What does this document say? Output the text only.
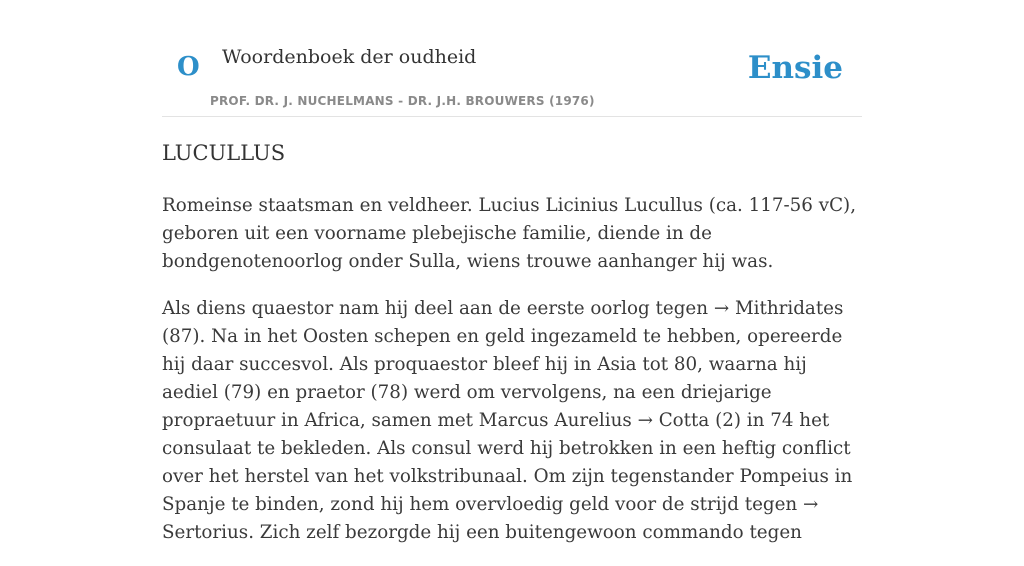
O Woordenboek der oudheid
PROF. DR. J. NUCHELMANS - DR. J.H. BROUWERS (1976)
Ensie
LUCULLUS

Romeinse staatsman en veldheer. Lucius Licinius Lucullus (ca. 117-56 vC), geboren uit een voorname plebejische familie, diende in de bondgenotenoorlog onder Sulla, wiens trouwe aanhanger hij was.

Als diens quaestor nam hij deel aan de eerste oorlog tegen → Mithridates (87). Na in het Oosten schepen en geld ingezameld te hebben, opereerde hij daar succesvol. Als proquaestor bleef hij in Asia tot 80, waarna hij aediel (79) en praetor (78) werd om vervolgens, na een driejarige propraetuur in Africa, samen met Marcus Aurelius → Cotta (2) in 74 het consulaat te bekleden. Als consul werd hij betrokken in een heftig conflict over het herstel van het volkstribunaal. Om zijn tegenstander Pompeius in Spanje te binden, zond hij hem overvloedig geld voor de strijd tegen → Sertorius. Zich zelf bezorgde hij een buitengewoon commando tegen
